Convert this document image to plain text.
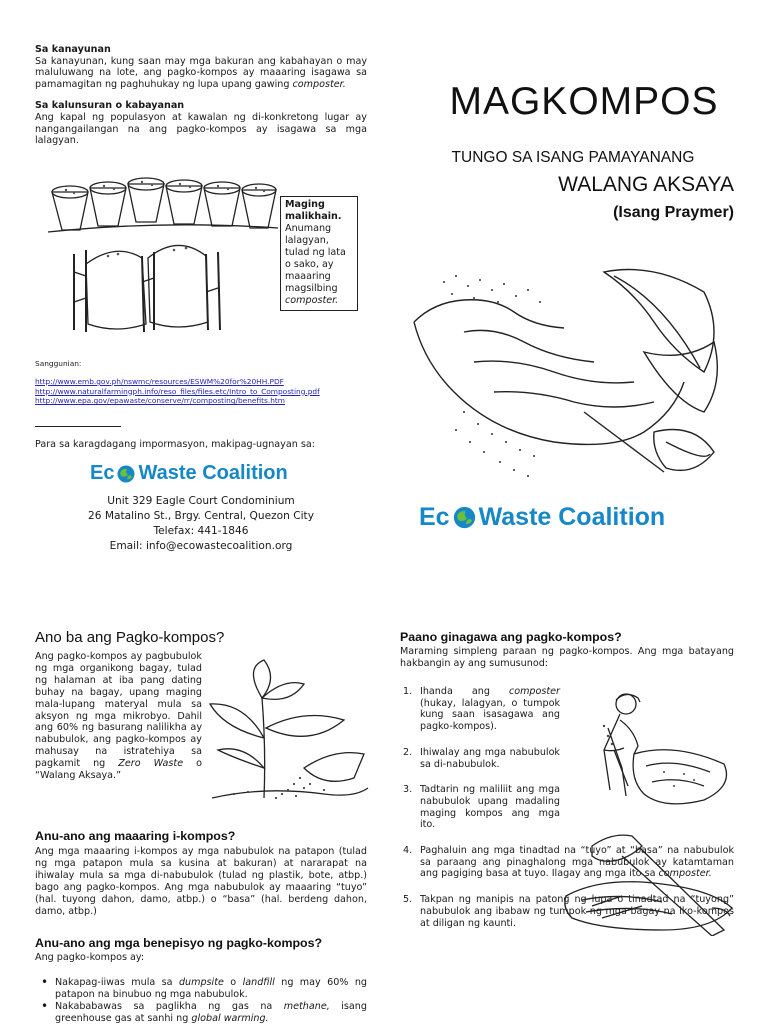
Sa kanayunan
Sa kanayunan, kung saan may mga bakuran ang kabahayan o may maluluwang na lote, ang pagko-kompos ay maaaring isagawa sa pamamagitan ng paghuhukay ng lupa upang gawing composter.
Sa kalunsuran o kabayanan
Ang kapal ng populasyon at kawalan ng di-konkretong lugar ay nangangailangan na ang pagko-kompos ay isagawa sa mga lalagyan.
Maging malikhain.
Anumang lalagyan, tulad ng lata o sako, ay maaaring magsilbing composter.
Sanggunian:
http://www.emb.gov.ph/nswmc/resources/ESWM%20for%20HH.PDF
http://www.naturalfarmingph.info/reso_files/files.etc/Intro_to_Composting.pdf
http://www.epa.gov/epawaste/conserve/rr/composting/benefits.htm
Para sa karagdagang impormasyon, makipag-ugnayan sa:
Ec Waste Coalition
Unit 329 Eagle Court Condominium
26 Matalino St., Brgy. Central, Quezon City
Telefax: 441-1846
Email: info@ecowastecoalition.org
MAGKOMPOS
TUNGO SA ISANG PAMAYANANG
WALANG AKSAYA
(Isang Praymer)
Ec Waste Coalition
Ano ba ang Pagko-kompos?
Ang pagko-kompos ay pagbubulok ng mga organikong bagay, tulad ng halaman at iba pang dating buhay na bagay, upang maging mala-lupang materyal mula sa aksyon ng mga mikrobyo. Dahil ang 60% ng basurang nalilikha ay nabubulok, ang pagko-kompos ay mahusay na istratehiya sa pagkamit ng Zero Waste o “Walang Aksaya.”
Anu-ano ang maaaring i-kompos?
Ang mga maaaring i-kompos ay mga nabubulok na patapon (tulad ng mga patapon mula sa kusina at bakuran) at nararapat na ihiwalay mula sa mga di-nabubulok (tulad ng plastik, bote, atbp.) bago ang pagko-kompos. Ang mga nabubulok ay maaaring “tuyo” (hal. tuyong dahon, damo, atbp.) o “basa” (hal. berdeng dahon, damo, atbp.)
Anu-ano ang mga benepisyo ng pagko-kompos?
Ang pagko-kompos ay:
• Nakapag-iiwas mula sa dumpsite o landfill ng may 60% ng patapon na binubuo ng mga nabubulok.
• Nakababawas sa paglikha ng gas na methane, isang greenhouse gas at sanhi ng global warming.
Paano ginagawa ang pagko-kompos?
Maraming simpleng paraan ng pagko-kompos. Ang mga batayang hakbangin ay ang sumusunod:
1. Ihanda ang composter (hukay, lalagyan, o tumpok kung saan isasagawa ang pagko-kompos).
2. Ihiwalay ang mga nabubulok sa di-nabubulok.
3. Tadtarin ng maliliit ang mga nabubulok upang madaling maging kompos ang mga ito.
4. Paghaluin ang mga tinadtad na “tuyo” at “basa” na nabubulok sa paraang ang pinaghalong mga nabubulok ay katamtaman ang pagiging basa at tuyo. Ilagay ang mga ito sa composter.
5. Takpan ng manipis na patong ng lupa o tinadtad na “tuyong” nabubulok ang ibabaw ng tumpok ng mga bagay na iko-kompos at diligan ng kaunti.
